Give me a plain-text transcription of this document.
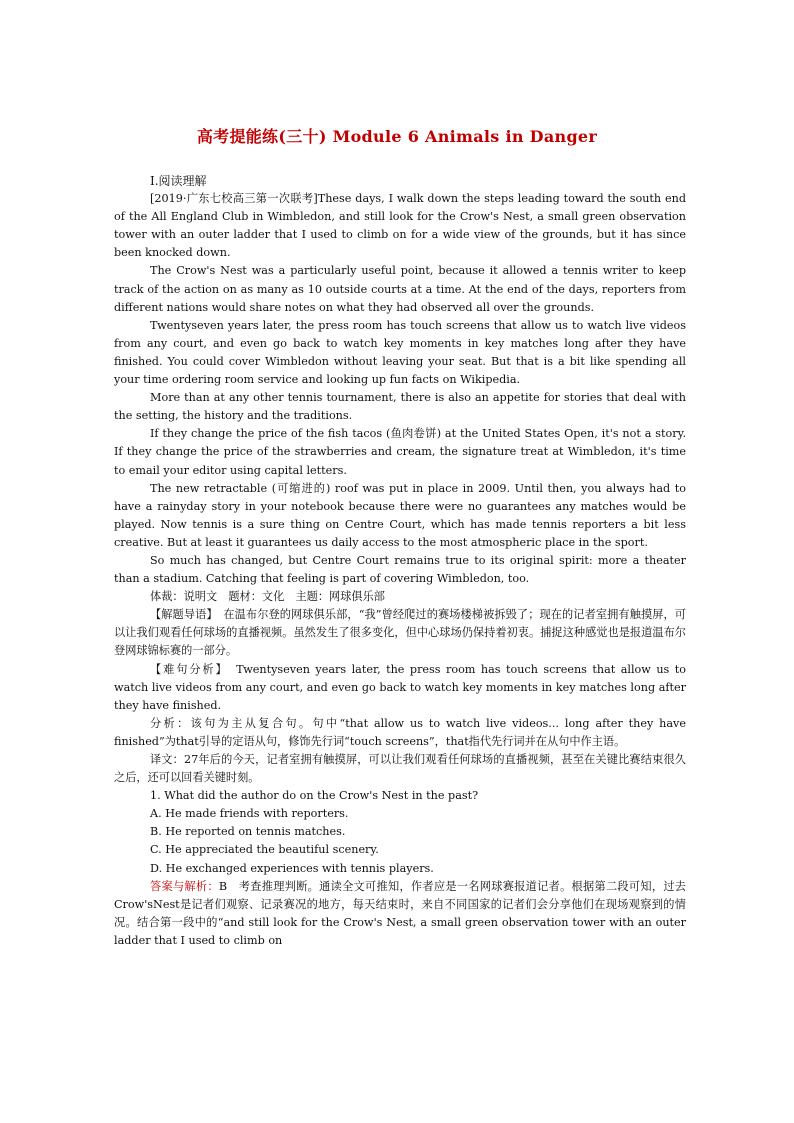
高考提能练(三十) Module 6 Animals in Danger

Ⅰ.阅读理解

[2019·广东七校高三第一次联考]These days, I walk down the steps leading toward the south end of the All England Club in Wimbledon, and still look for the Crow's Nest, a small green observation tower with an outer ladder that I used to climb on for a wide view of the grounds, but it has since been knocked down.

The Crow's Nest was a particularly useful point, because it allowed a tennis writer to keep track of the action on as many as 10 outside courts at a time. At the end of the days, reporters from different nations would share notes on what they had observed all over the grounds.

Twentyseven years later, the press room has touch screens that allow us to watch live videos from any court, and even go back to watch key moments in key matches long after they have finished. You could cover Wimbledon without leaving your seat. But that is a bit like spending all your time ordering room service and looking up fun facts on Wikipedia.

More than at any other tennis tournament, there is also an appetite for stories that deal with the setting, the history and the traditions.

If they change the price of the fish tacos (鱼肉卷饼) at the United States Open, it's not a story. If they change the price of the strawberries and cream, the signature treat at Wimbledon, it's time to email your editor using capital letters.

The new retractable (可缩进的) roof was put in place in 2009. Until then, you always had to have a rainyday story in your notebook because there were no guarantees any matches would be played. Now tennis is a sure thing on Centre Court, which has made tennis reporters a bit less creative. But at least it guarantees us daily access to the most atmospheric place in the sport.

So much has changed, but Centre Court remains true to its original spirit: more a theater than a stadium. Catching that feeling is part of covering Wimbledon, too.

体裁：说明文　题材：文化　主题：网球俱乐部

【解题导语】　在温布尔登的网球俱乐部，“我”曾经爬过的赛场楼梯被拆毁了；现在的记者室拥有触摸屏，可以让我们观看任何球场的直播视频。虽然发生了很多变化，但中心球场仍保持着初衷。捕捉这种感觉也是报道温布尔登网球锦标赛的一部分。

【难句分析】　Twentyseven years later, the press room has touch screens that allow us to watch live videos from any court, and even go back to watch key moments in key matches long after they have finished.

分析：该句为主从复合句。句中“that allow us to watch live videos... long after they have finished”为that引导的定语从句，修饰先行词“touch screens”，that指代先行词并在从句中作主语。

译文：27年后的今天，记者室拥有触摸屏，可以让我们观看任何球场的直播视频，甚至在关键比赛结束很久之后，还可以回看关键时刻。

1. What did the author do on the Crow's Nest in the past?

A. He made friends with reporters.

B. He reported on tennis matches.

C. He appreciated the beautiful scenery.

D. He exchanged experiences with tennis players.

答案与解析：B　考查推理判断。通读全文可推知，作者应是一名网球赛报道记者。根据第二段可知，过去Crow'sNest是记者们观察、记录赛况的地方，每天结束时，来自不同国家的记者们会分享他们在现场观察到的情况。结合第一段中的“and still look for the Crow's Nest, a small green observation tower with an outer ladder that I used to climb on
